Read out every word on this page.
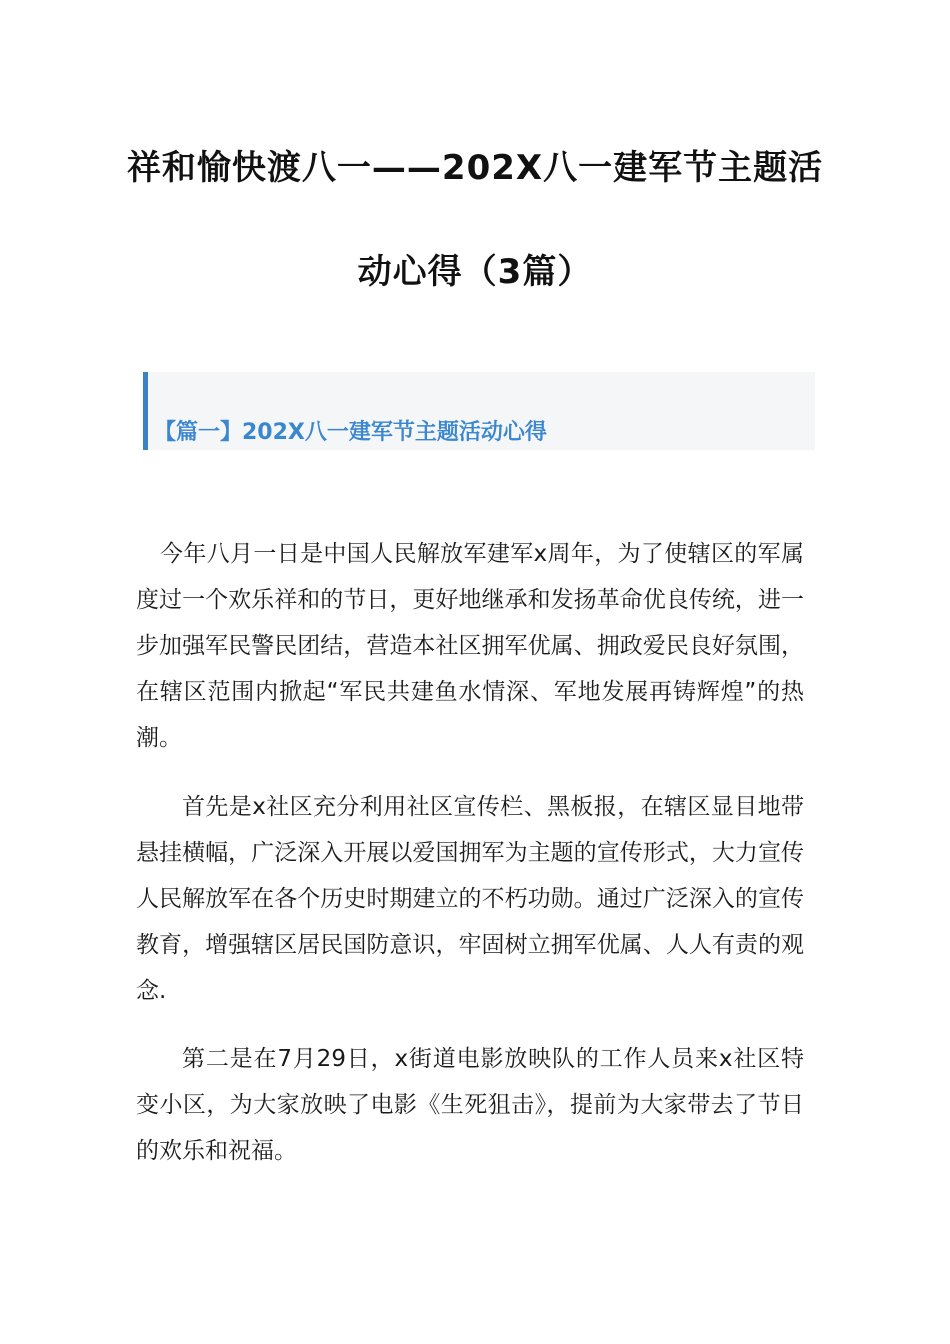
祥和愉快渡八一——202X八一建军节主题活
动心得（3篇）
【篇一】202X八一建军节主题活动心得

今年八月一日是中国人民解放军建军x周年，为了使辖区的军属度过一个欢乐祥和的节日，更好地继承和发扬革命优良传统，进一步加强军民警民团结，营造本社区拥军优属、拥政爱民良好氛围，在辖区范围内掀起“军民共建鱼水情深、军地发展再铸辉煌”的热潮。

首先是x社区充分利用社区宣传栏、黑板报，在辖区显目地带悬挂横幅，广泛深入开展以爱国拥军为主题的宣传形式，大力宣传人民解放军在各个历史时期建立的不朽功勋。通过广泛深入的宣传教育，增强辖区居民国防意识，牢固树立拥军优属、人人有责的观念.

第二是在7月29日，x街道电影放映队的工作人员来x社区特变小区，为大家放映了电影《生死狙击》，提前为大家带去了节日的欢乐和祝福。
